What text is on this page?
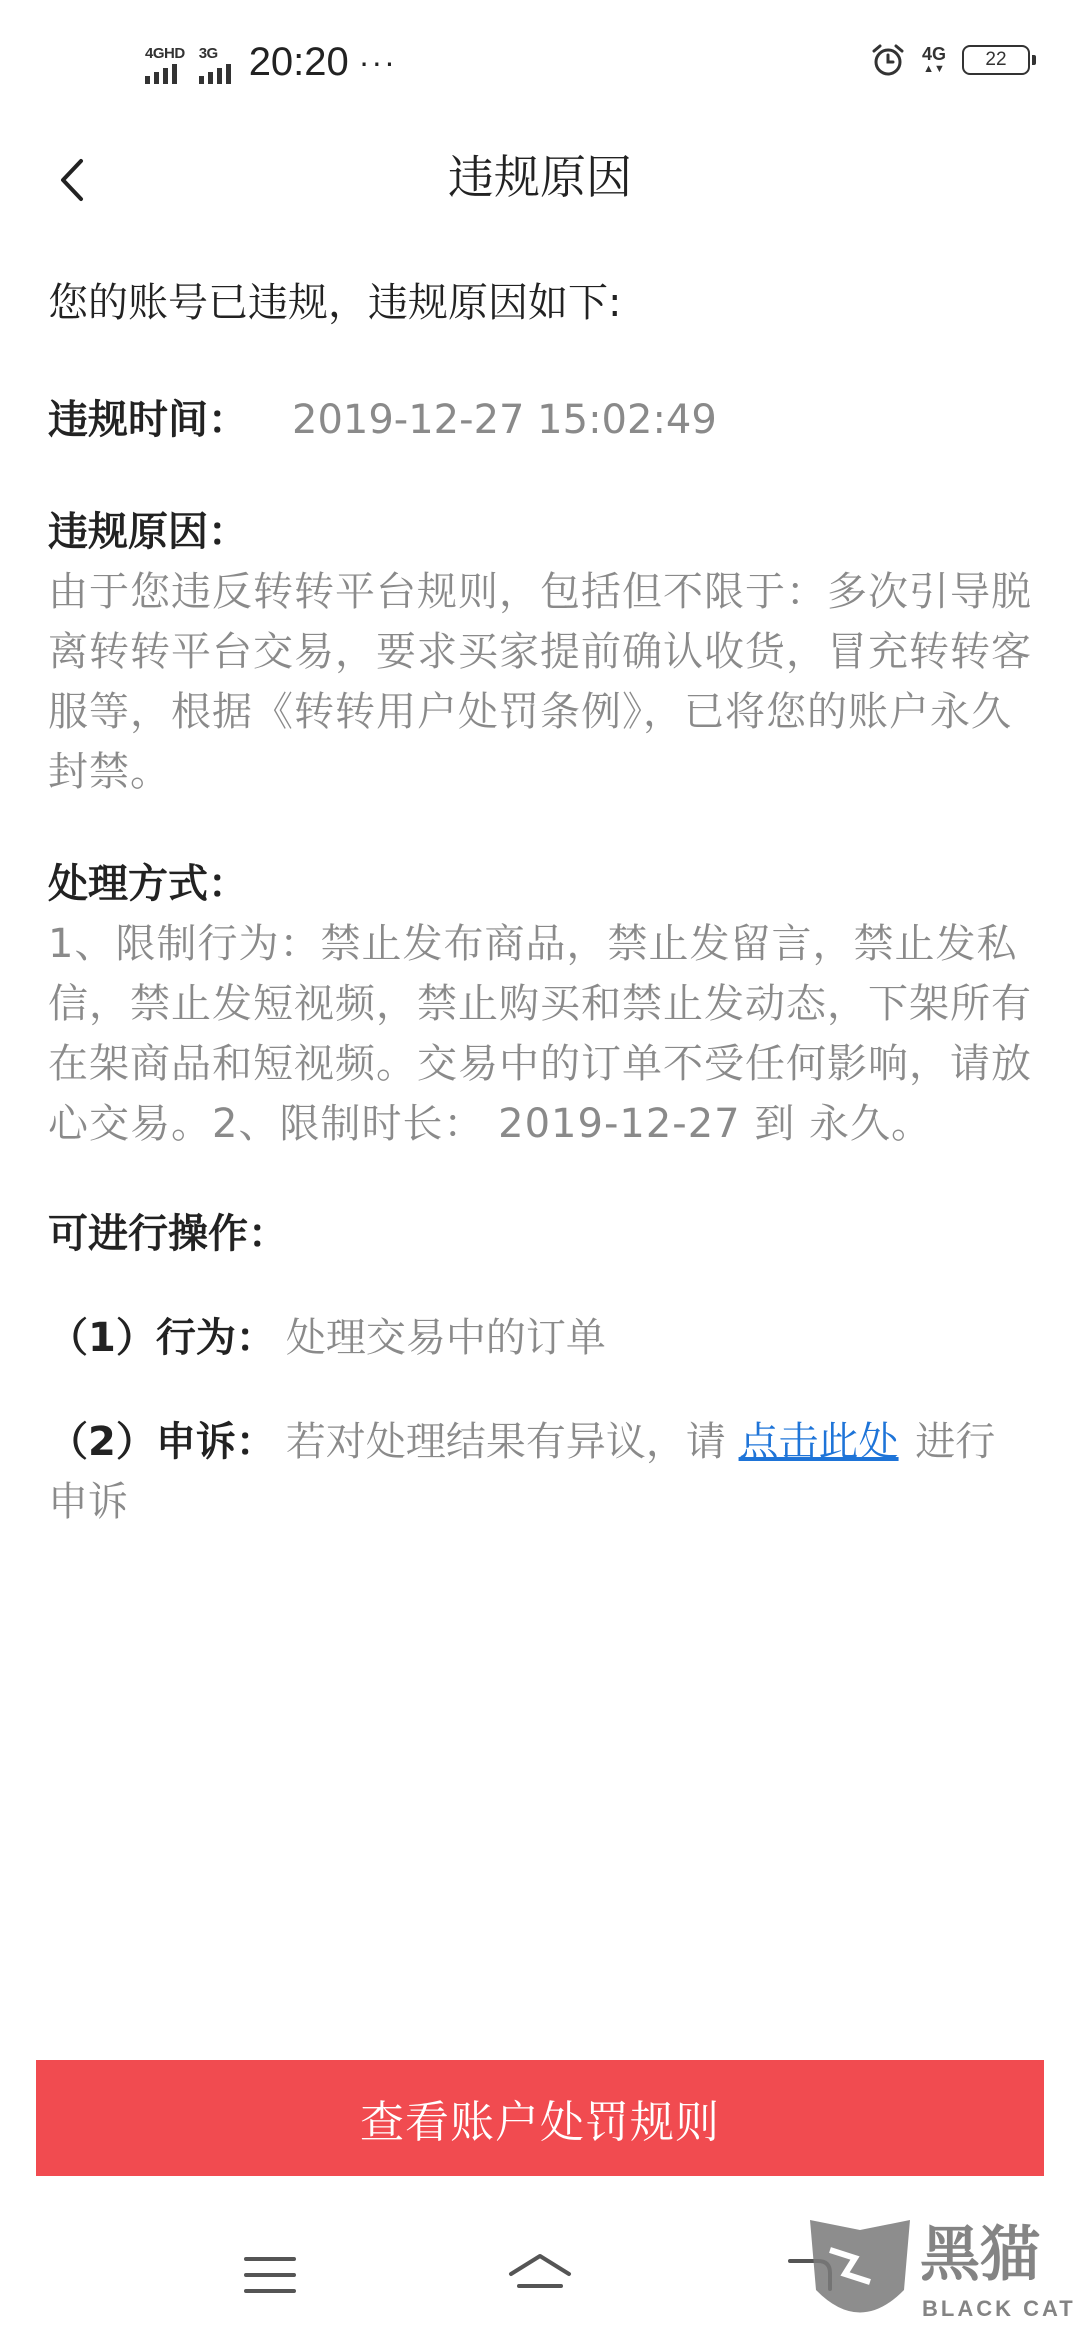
4GHD 3G 20:20 ···	4G
▲▼ 22
违规原因
您的账号已违规，违规原因如下:
违规时间： 2019-12-27 15:02:49
违规原因：
由于您违反转转平台规则，包括但不限于：多次引导脱离转转平台交易，要求买家提前确认收货，冒充转转客服等，根据《转转用户处罚条例》，已将您的账户永久封禁。
处理方式：
1、限制行为：禁止发布商品，禁止发留言，禁止发私信，禁止发短视频，禁止购买和禁止发动态，下架所有在架商品和短视频。交易中的订单不受任何影响，请放心交易。2、限制时长： 2019-12-27 到 永久。
可进行操作：
（1）行为： 处理交易中的订单
（2）申诉： 若对处理结果有异议，请 点击此处 进行申诉
查看账户处罚规则
黑猫
BLACK CAT
